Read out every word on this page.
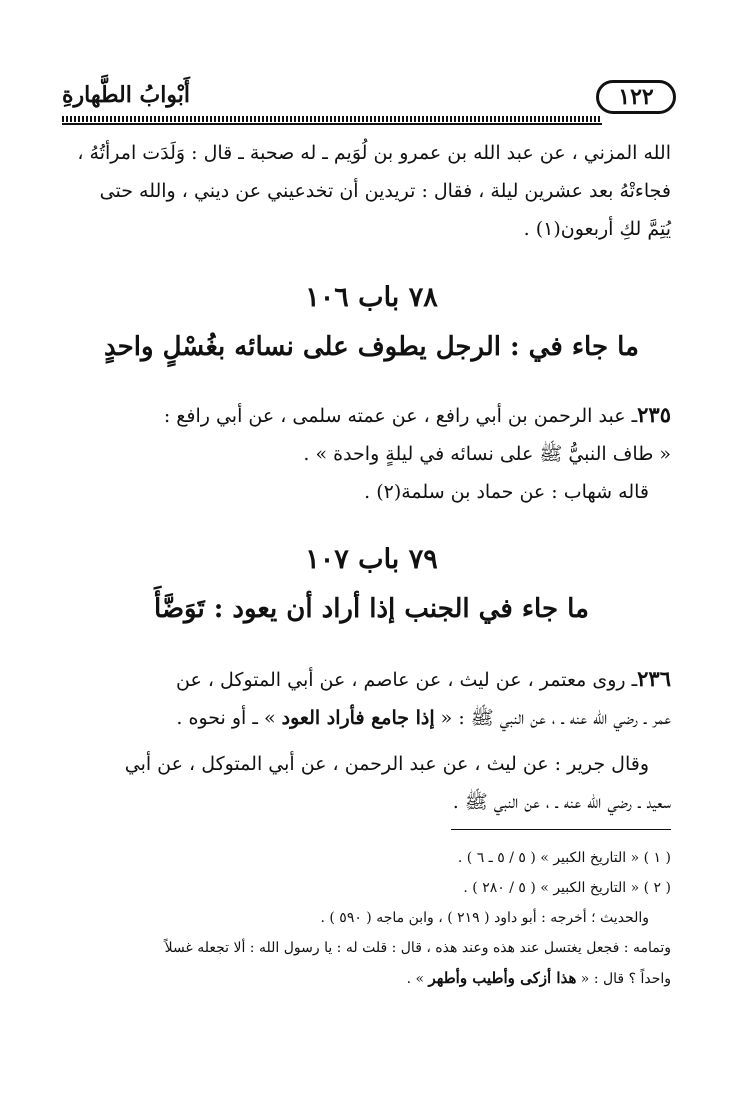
١٢٢
أَبْوابُ الطَّهارةِ
الله المزني ، عن عبد الله بن عمرو بن لُوَيم ـ له صحبة ـ قال : وَلَدَت امرأتُهُ ،
فجاءتْهُ بعد عشرين ليلة ، فقال : تريدين أن تخدعيني عن ديني ، والله حتى
يُتِمَّ لكِ أربعون(١) .
٧٨ باب ١٠٦
ما جاء في : الرجل يطوف على نسائه بغُسْلٍ واحدٍ
٢٣٥ـ عبد الرحمن بن أبي رافع ، عن عمته سلمى ، عن أبي رافع :
« طاف النبيُّ ﷺ على نسائه في ليلةٍ واحدة » .
قاله شهاب : عن حماد بن سلمة(٢) .
٧٩ باب ١٠٧
ما جاء في الجنب إذا أراد أن يعود : تَوَضَّأَ
٢٣٦ـ روى معتمر ، عن ليث ، عن عاصم ، عن أبي المتوكل ، عن
عمر ـ رضي الله عنه ـ ، عن النبي ﷺ : « إذا جامع فأراد العود » ـ أو نحوه .
وقال جرير : عن ليث ، عن عبد الرحمن ، عن أبي المتوكل ، عن أبي
سعيد ـ رضي الله عنه ـ ، عن النبي ﷺ .
( ١ ) « التاريخ الكبير » ( ٥ / ٥ ـ ٦ ) .
( ٢ ) « التاريخ الكبير » ( ٥ / ٢٨٠ ) .
والحديث ؛ أخرجه : أبو داود ( ٢١٩ ) ، وابن ماجه ( ٥٩٠ ) .
وتمامه : فجعل يغتسل عند هذه وعند هذه ، قال : قلت له : يا رسول الله : ألا تجعله غسلاً
واحداً ؟ قال : « هذا أزكى وأطيب وأطهر » .
